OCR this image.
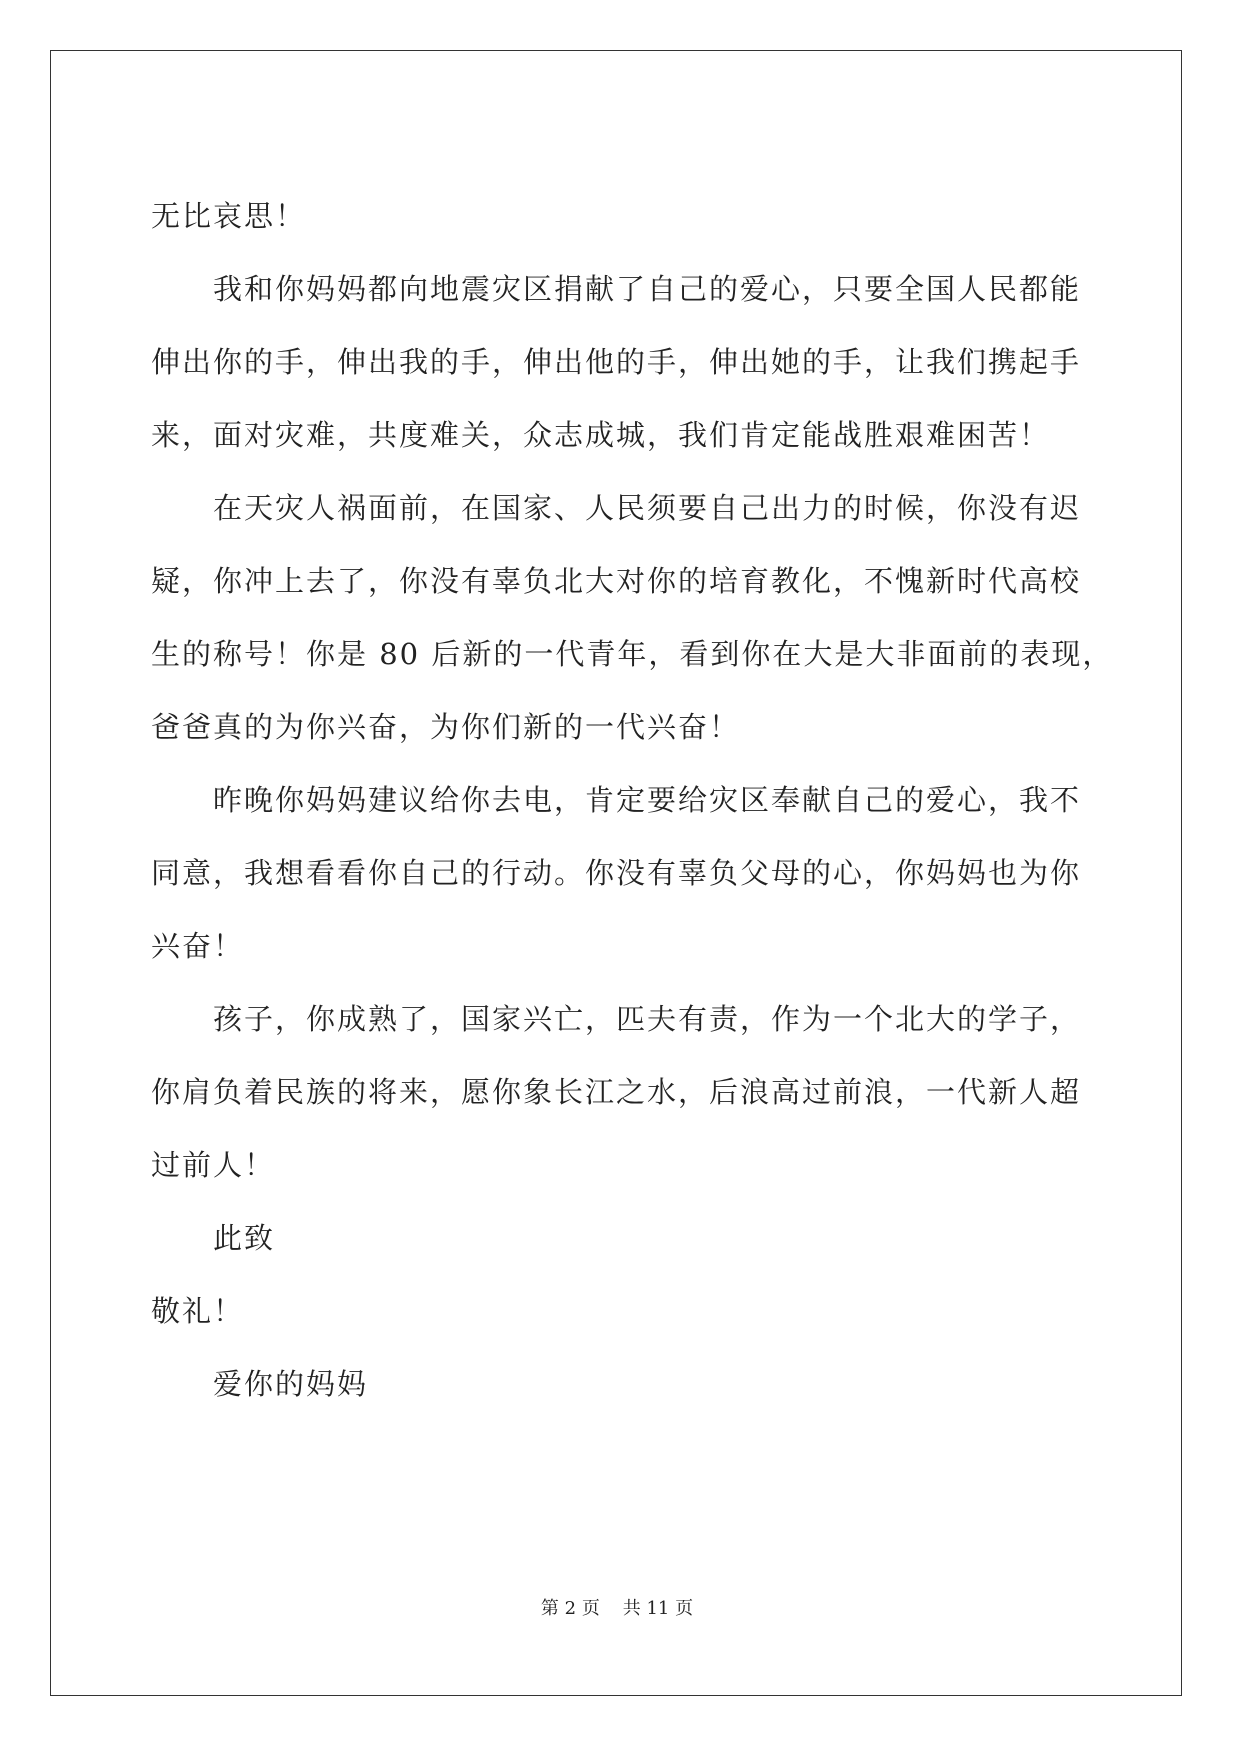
无比哀思！
我和你妈妈都向地震灾区捐献了自己的爱心，只要全国人民都能
伸出你的手，伸出我的手，伸出他的手，伸出她的手，让我们携起手
来，面对灾难，共度难关，众志成城，我们肯定能战胜艰难困苦！
在天灾人祸面前，在国家、人民须要自己出力的时候，你没有迟
疑，你冲上去了，你没有辜负北大对你的培育教化，不愧新时代高校
生的称号！你是 80 后新的一代青年，看到你在大是大非面前的表现，
爸爸真的为你兴奋，为你们新的一代兴奋！
昨晚你妈妈建议给你去电，肯定要给灾区奉献自己的爱心，我不
同意，我想看看你自己的行动。你没有辜负父母的心，你妈妈也为你
兴奋！
孩子，你成熟了，国家兴亡，匹夫有责，作为一个北大的学子，
你肩负着民族的将来，愿你象长江之水，后浪高过前浪，一代新人超
过前人！
此致
敬礼！
爱你的妈妈
第 2 页 共 11 页
